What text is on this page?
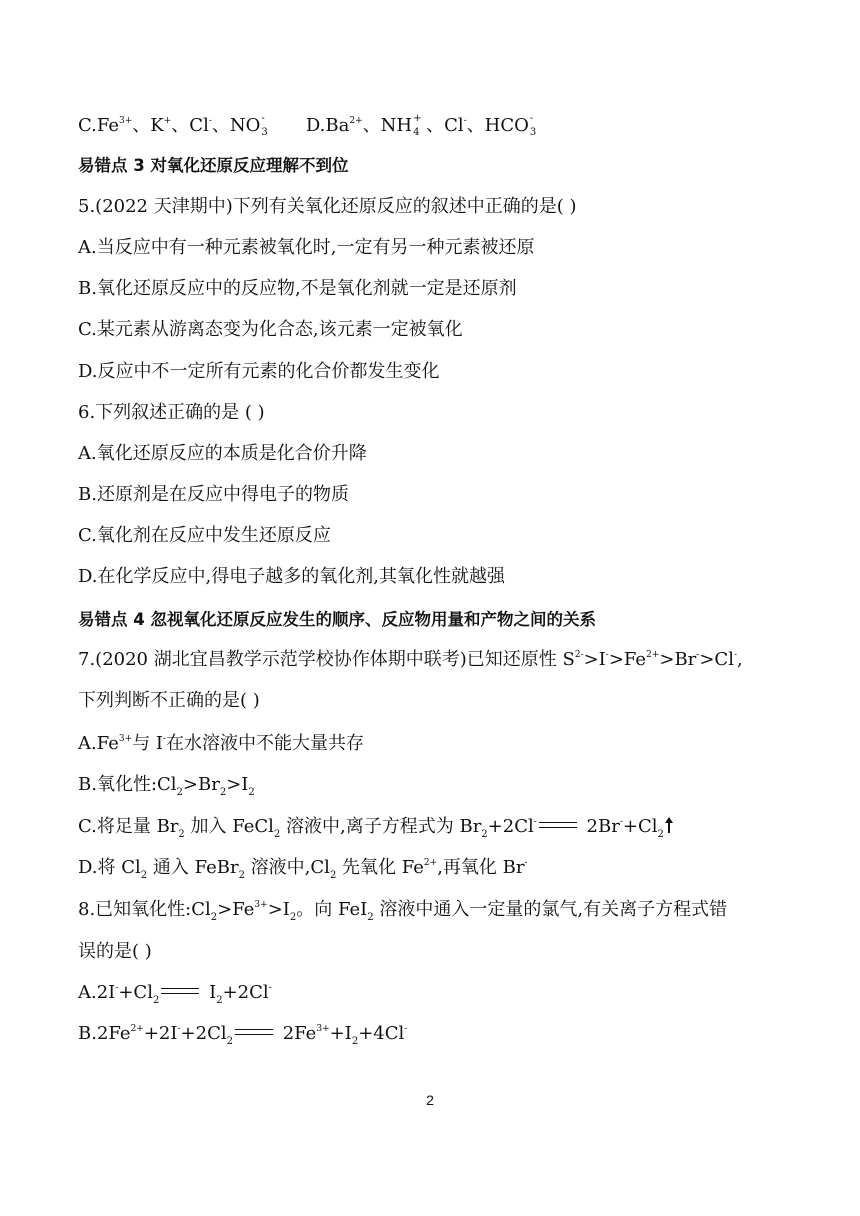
$C.Fe^{3+}$、K+、Cl-、NO -
3 $D.Ba^{2+}$、NH +
4 、Cl-、HCO -
3
易错点 3 对氧化还原反应理解不到位
5.(2022 天津期中)下列有关氧化还原反应的叙述中正确的是( )
A.当反应中有一种元素被氧化时,一定有另一种元素被还原
B.氧化还原反应中的反应物,不是氧化剂就一定是还原剂
C.某元素从游离态变为化合态,该元素一定被氧化
D.反应中不一定所有元素的化合价都发生变化
6.下列叙述正确的是 ( )
A.氧化还原反应的本质是化合价升降
B.还原剂是在反应中得电子的物质
C.氧化剂在反应中发生还原反应
D.在化学反应中,得电子越多的氧化剂,其氧化性就越强
易错点 4 忽视氧化还原反应发生的顺序、反应物用量和产物之间的关系
7.(2020 湖北宜昌教学示范学校协作体期中联考)已知还原性 $S^{2-}>I^->Fe^{2+}>Br^->Cl^-$,
下列判断不正确的是( )
$A.Fe^{3+}$与 I-在水溶液中不能大量共存
B.氧化性$:Cl_2>Br_2>I_2$
C.将足量 $Br_2$ 加入 FeCl$_2$ 溶液中,离子方程式为 $Br_2+2Cl^-$ $2Br^-+Cl_2$
D.将 $Cl_2$ 通入 FeBr$_2$ 溶液中$,Cl_2$ 先氧化 $Fe^{2+}$,再氧化 Br-
8.已知氧化性$:Cl_2>Fe^{3+}>I_2$。向 FeI$_2$ 溶液中通入一定量的氯气,有关离子方程式错
误的是( )
$A.2I^-+Cl_2$ $I_2+2Cl^-$
$B.2Fe^{2+}+2I^-+2Cl_2$ $2Fe^{3+}+I_2+4Cl^-$
2
